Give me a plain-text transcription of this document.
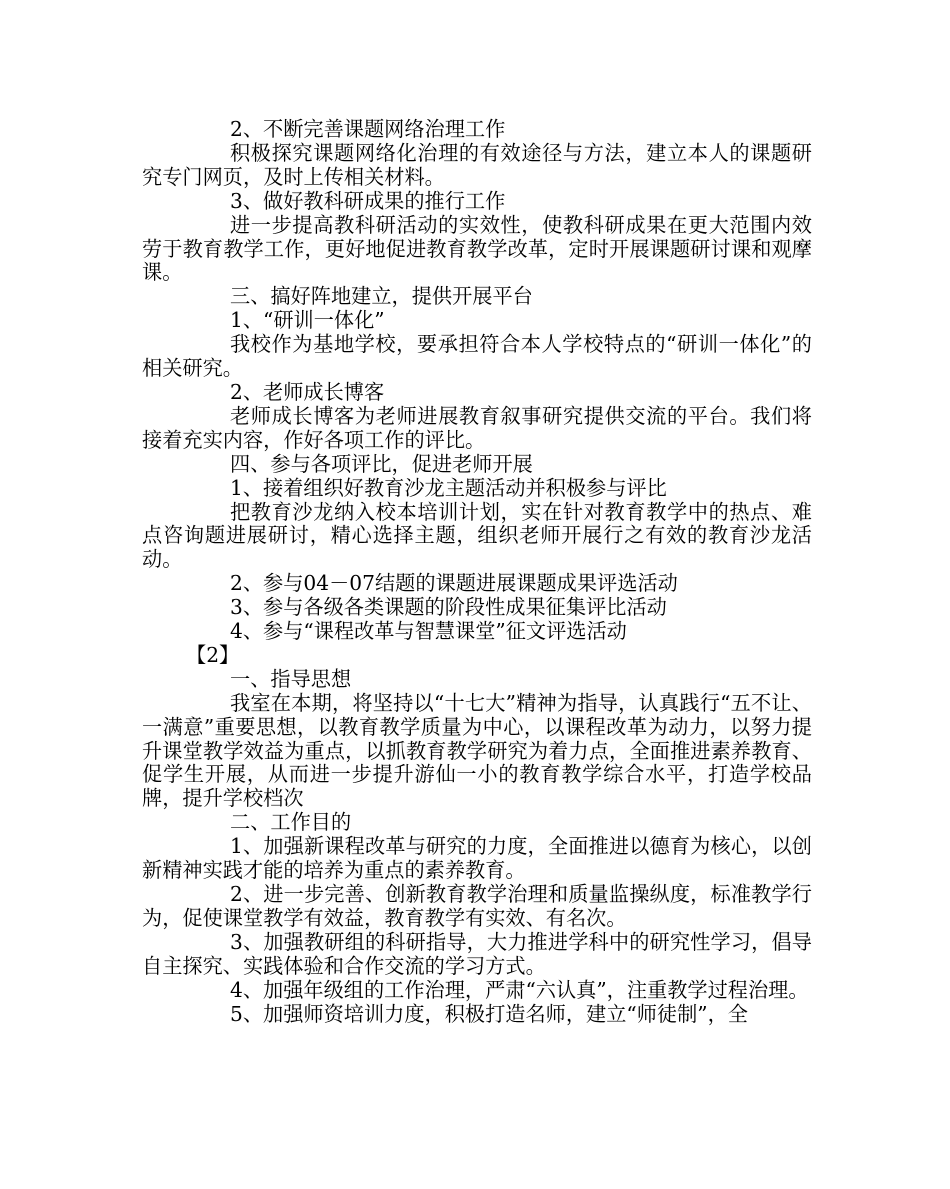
2、不断完善课题网络治理工作

积极探究课题网络化治理的有效途径与方法，建立本人的课题研究专门网页，及时上传相关材料。

3、做好教科研成果的推行工作

进一步提高教科研活动的实效性，使教科研成果在更大范围内效劳于教育教学工作，更好地促进教育教学改革，定时开展课题研讨课和观摩课。

三、搞好阵地建立，提供开展平台

1、“研训一体化”

我校作为基地学校，要承担符合本人学校特点的“研训一体化”的相关研究。

2、老师成长博客

老师成长博客为老师进展教育叙事研究提供交流的平台。我们将接着充实内容，作好各项工作的评比。

四、参与各项评比，促进老师开展

1、接着组织好教育沙龙主题活动并积极参与评比

把教育沙龙纳入校本培训计划，实在针对教育教学中的热点、难点咨询题进展研讨，精心选择主题，组织老师开展行之有效的教育沙龙活动。

2、参与04－07结题的课题进展课题成果评选活动

3、参与各级各类课题的阶段性成果征集评比活动

4、参与“课程改革与智慧课堂”征文评选活动

【2】

一、指导思想

我室在本期，将坚持以“十七大”精神为指导，认真践行“五不让、一满意”重要思想，以教育教学质量为中心，以课程改革为动力，以努力提升课堂教学效益为重点，以抓教育教学研究为着力点，全面推进素养教育、促学生开展，从而进一步提升游仙一小的教育教学综合水平，打造学校品牌，提升学校档次

二、工作目的

1、加强新课程改革与研究的力度，全面推进以德育为核心，以创新精神实践才能的培养为重点的素养教育。

2、进一步完善、创新教育教学治理和质量监操纵度，标准教学行为，促使课堂教学有效益，教育教学有实效、有名次。

3、加强教研组的科研指导，大力推进学科中的研究性学习，倡导自主探究、实践体验和合作交流的学习方式。

4、加强年级组的工作治理，严肃“六认真”，注重教学过程治理。

5、加强师资培训力度，积极打造名师，建立“师徒制”，全
